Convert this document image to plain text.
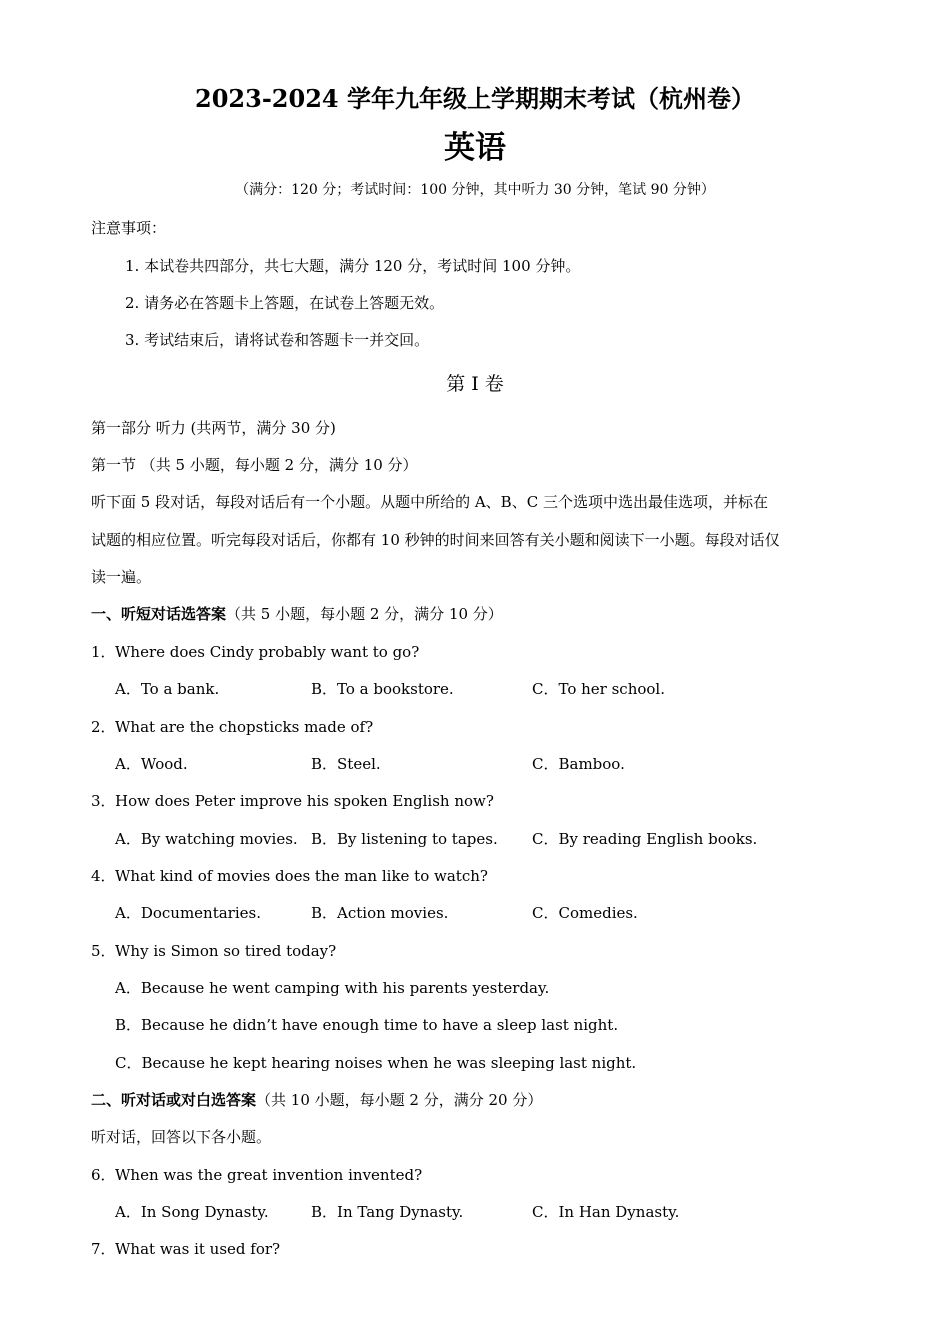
2023-2024 学年九年级上学期期末考试（杭州卷）
英语
（满分：120 分；考试时间：100 分钟，其中听力 30 分钟，笔试 90 分钟）
注意事项：
1. 本试卷共四部分，共七大题，满分 120 分，考试时间 100 分钟。
2. 请务必在答题卡上答题，在试卷上答题无效。
3. 考试结束后，请将试卷和答题卡一并交回。
第 I 卷
第一部分 听力 (共两节，满分 30 分)
第一节 （共 5 小题，每小题 2 分，满分 10 分）
听下面 5 段对话，每段对话后有一个小题。从题中所给的 A、B、C 三个选项中选出最佳选项，并标在
试题的相应位置。听完每段对话后，你都有 10 秒钟的时间来回答有关小题和阅读下一小题。每段对话仅
读一遍。
一、听短对话选答案（共 5 小题，每小题 2 分，满分 10 分）
1．Where does Cindy probably want to go?
A．To a bank.	B．To a bookstore.	C．To her school.
2．What are the chopsticks made of?
A．Wood.	B．Steel.	C．Bamboo.
3．How does Peter improve his spoken English now?
A．By watching movies. B．By listening to tapes. C．By reading English books.
4．What kind of movies does the man like to watch?
A．Documentaries.	B．Action movies.	C．Comedies.
5．Why is Simon so tired today?
A．Because he went camping with his parents yesterday.
B．Because he didn’t have enough time to have a sleep last night.
C．Because he kept hearing noises when he was sleeping last night.
二、听对话或对白选答案（共 10 小题，每小题 2 分，满分 20 分）
听对话，回答以下各小题。
6．When was the great invention invented?
A．In Song Dynasty.	B．In Tang Dynasty.	C．In Han Dynasty.
7．What was it used for?
